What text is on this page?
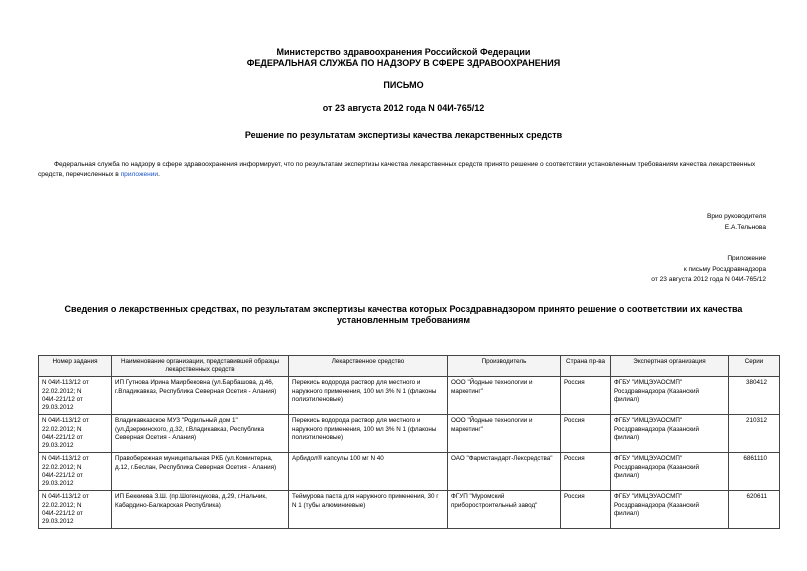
Министерство здравоохранения Российской Федерации
ФЕДЕРАЛЬНАЯ СЛУЖБА ПО НАДЗОРУ В СФЕРЕ ЗДРАВООХРАНЕНИЯ
ПИСЬМО
от 23 августа 2012 года N 04И-765/12
Решение по результатам экспертизы качества лекарственных средств
Федеральная служба по надзору в сфере здравоохранения информирует, что по результатам экспертизы качества лекарственных средств принято решение о соответствии установленным требованиям качества лекарственных средств, перечисленных в приложении.
Врио руководителя
Е.А.Тельнова
Приложение
к письму Росздравнадзора
от 23 августа 2012 года N 04И-765/12
Сведения о лекарственных средствах, по результатам экспертизы качества которых Росздравнадзором принято решение о соответствии их качества установленным требованиям
Номер задания	Наименование организации, представившей образцы лекарственных средств	Лекарственное средство	Производитель	Страна пр-ва	Экспертная организация	Серии
N 04И-113/12 от 22.02.2012; N 04И-221/12 от 29.03.2012	ИП Гутнова Ирина Маирбековна (ул.Барбашова, д.46, г.Владикавказ, Республика Северная Осетия - Алания)	Перекись водорода раствор для местного и наружного применения, 100 мл 3% N 1 (флаконы полиэтиленовые)	ООО "Йодные технологии и маркетинг"	Россия	ФГБУ "ИМЦЭУАОСМП" Росздравнадзора (Казанский филиал)	380412
N 04И-113/12 от 22.02.2012; N 04И-221/12 от 29.03.2012	Владикавказское МУЗ "Родильный дом 1" (ул.Дзержинского, д.32, г.Владикавказ, Республика Северная Осетия - Алания)	Перекись водорода раствор для местного и наружного применения, 100 мл 3% N 1 (флаконы полиэтиленовые)	ООО "Йодные технологии и маркетинг"	Россия	ФГБУ "ИМЦЭУАОСМП" Росздравнадзора (Казанский филиал)	210312
N 04И-113/12 от 22.02.2012; N 04И-221/12 от 29.03.2012	Правобережная муниципальная РКБ (ул.Коминтерна, д.12, г.Беслан, Республика Северная Осетия - Алания)	Арбидол® капсулы 100 мг N 40	ОАО "Фармстандарт-Лексредства"	Россия	ФГБУ "ИМЦЭУАОСМП" Росздравнадзора (Казанский филиал)	6861110
N 04И-113/12 от 22.02.2012; N 04И-221/12 от 29.03.2012	ИП Беккиева З.Ш. (пр.Шогенцукова, д.29, г.Нальчик, Кабардино-Балкарская Республика)	Теймурова паста для наружного применения, 30 г N 1 (тубы алюминиевые)	ФГУП "Муромский приборостроительный завод"	Россия	ФГБУ "ИМЦЭУАОСМП" Росздравнадзора (Казанский филиал)	620611
